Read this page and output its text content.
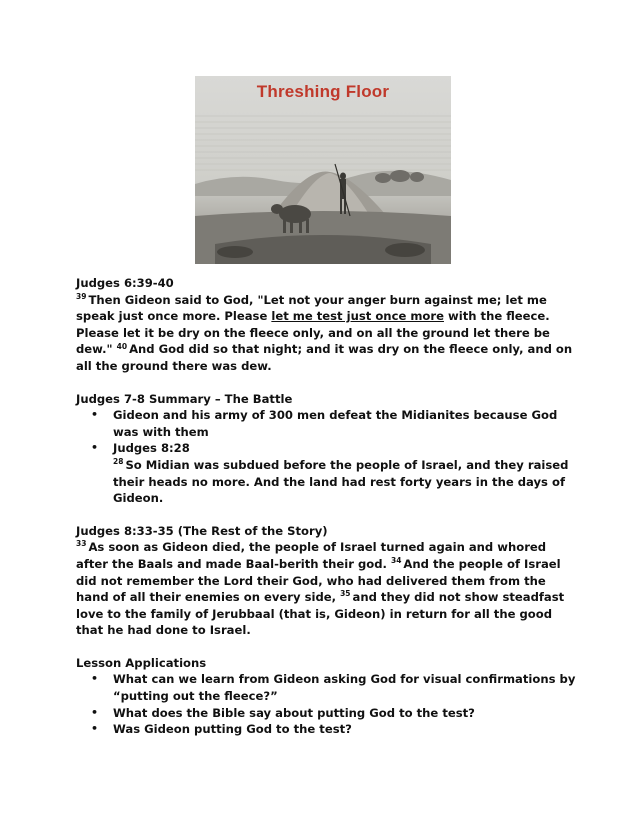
Threshing Floor

Judges 6:39-40

$^{39}$ Then Gideon said to God, "Let not your anger burn against me; let me speak just once more. Please let me test just once more with the fleece. Please let it be dry on the fleece only, and on all the ground let there be dew." $^{40}$ And God did so that night; and it was dry on the fleece only, and on all the ground there was dew.

Judges 7-8 Summary – The Battle

• Gideon and his army of 300 men defeat the Midianites because God was with them
• Judges 8:28
$^{28}$ So Midian was subdued before the people of Israel, and they raised their heads no more. And the land had rest forty years in the days of Gideon.

Judges 8:33-35 (The Rest of the Story)

$^{33}$ As soon as Gideon died, the people of Israel turned again and whored after the Baals and made Baal-berith their god. $^{34}$ And the people of Israel did not remember the Lord their God, who had delivered them from the hand of all their enemies on every side, $^{35}$ and they did not show steadfast love to the family of Jerubbaal (that is, Gideon) in return for all the good that he had done to Israel.

Lesson Applications

• What can we learn from Gideon asking God for visual confirmations by “putting out the fleece?”
• What does the Bible say about putting God to the test?
• Was Gideon putting God to the test?
